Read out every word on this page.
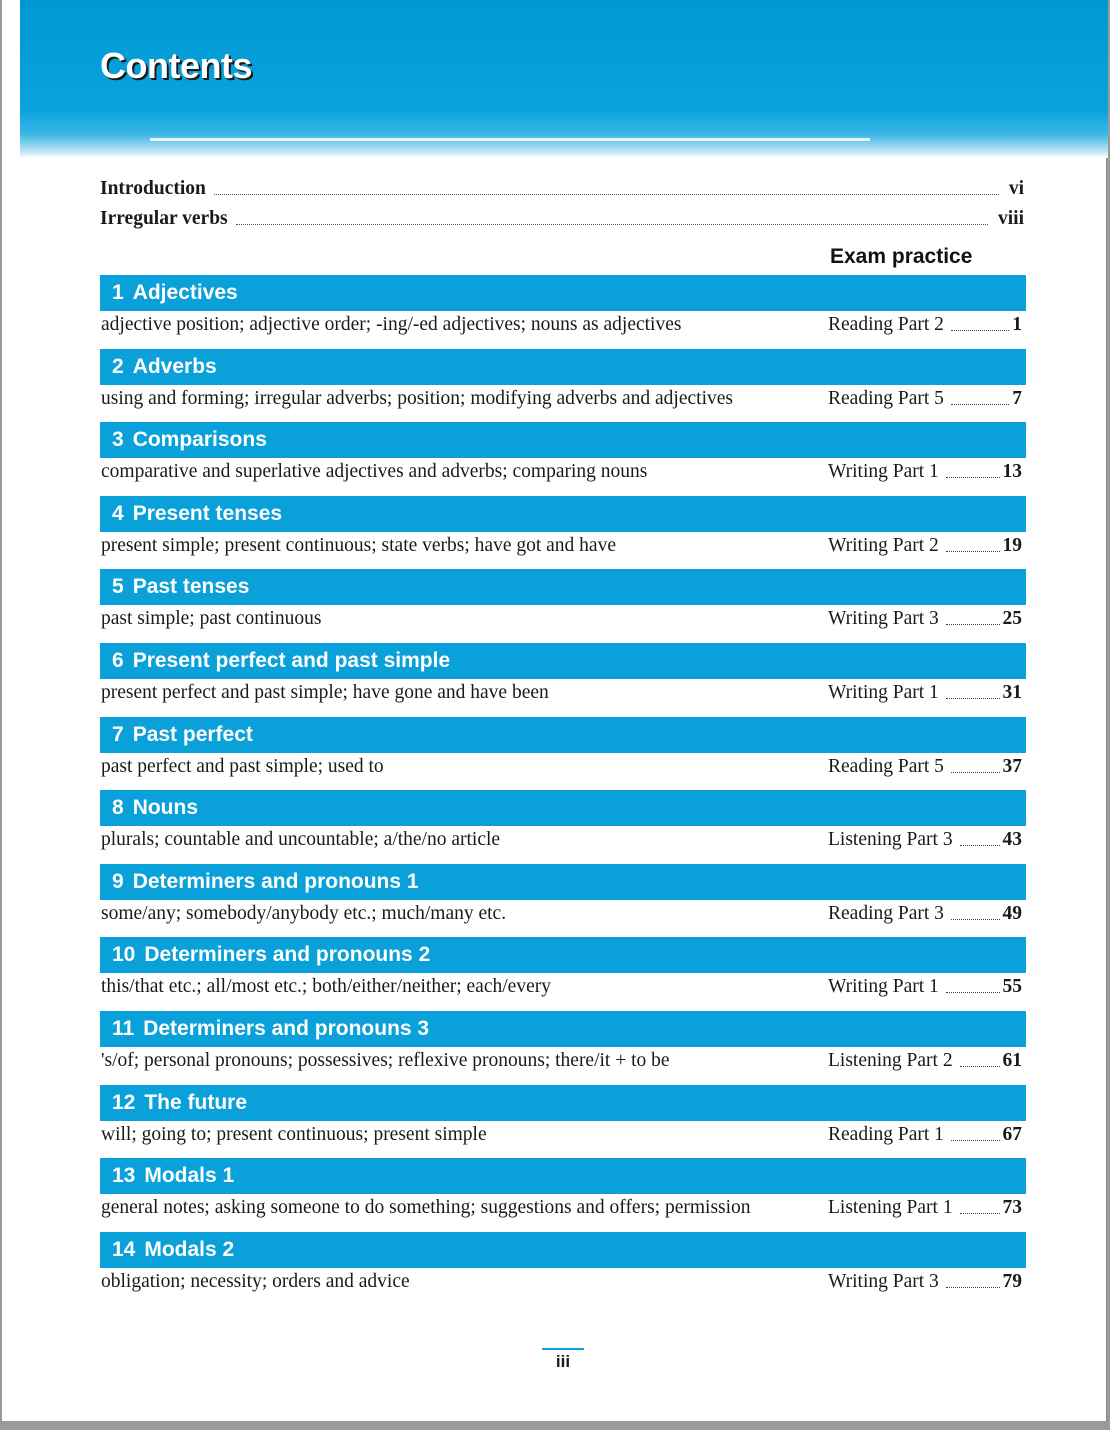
Contents
Introduction	vi
Irregular verbs	viii
Exam practice
1 Adjectives
adjective position; adjective order; -ing/-ed adjectives; nouns as adjectives	Reading Part 2	1
2 Adverbs
using and forming; irregular adverbs; position; modifying adverbs and adjectives	Reading Part 5	7
3 Comparisons
comparative and superlative adjectives and adverbs; comparing nouns	Writing Part 1	13
4 Present tenses
present simple; present continuous; state verbs; have got and have	Writing Part 2	19
5 Past tenses
past simple; past continuous	Writing Part 3	25
6 Present perfect and past simple
present perfect and past simple; have gone and have been	Writing Part 1	31
7 Past perfect
past perfect and past simple; used to	Reading Part 5	37
8 Nouns
plurals; countable and uncountable; a/the/no article	Listening Part 3	43
9 Determiners and pronouns 1
some/any; somebody/anybody etc.; much/many etc.	Reading Part 3	49
10 Determiners and pronouns 2
this/that etc.; all/most etc.; both/either/neither; each/every	Writing Part 1	55
11 Determiners and pronouns 3
's/of; personal pronouns; possessives; reflexive pronouns; there/it + to be	Listening Part 2	61
12 The future
will; going to; present continuous; present simple	Reading Part 1	67
13 Modals 1
general notes; asking someone to do something; suggestions and offers; permission	Listening Part 1	73
14 Modals 2
obligation; necessity; orders and advice	Writing Part 3	79
iii
